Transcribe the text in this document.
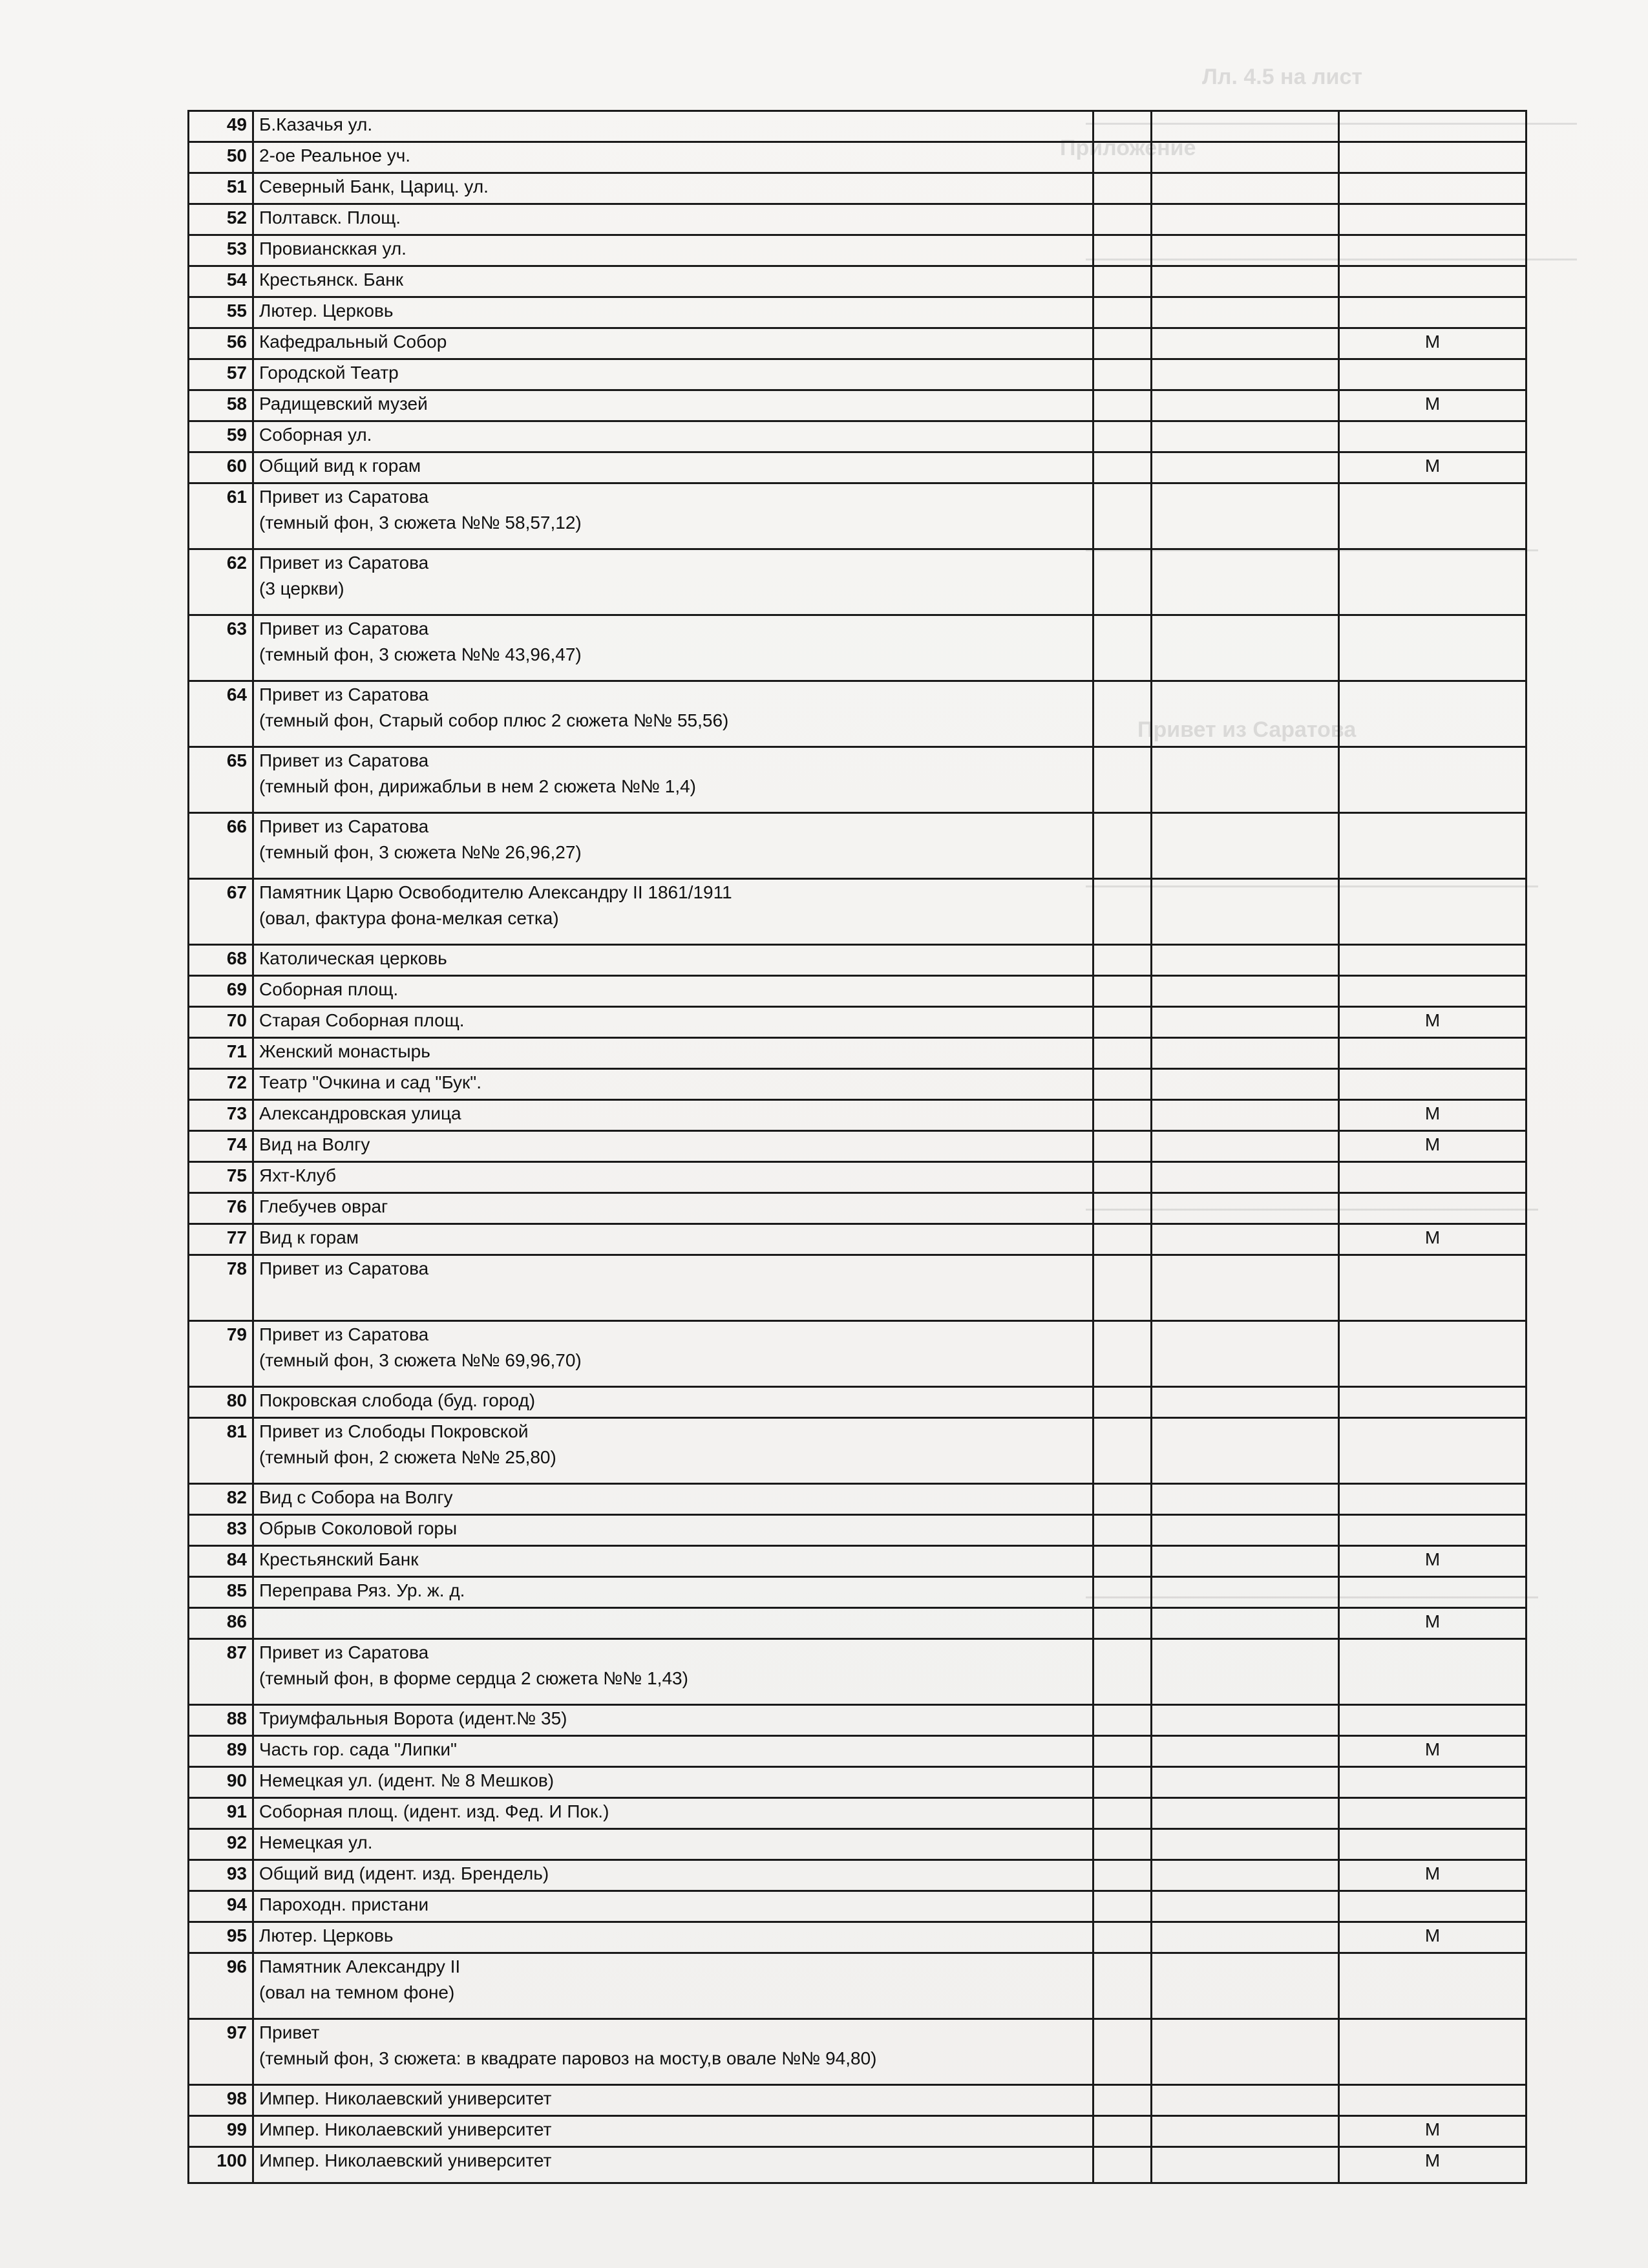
49	Б.Казачья ул.			

50	2-ое Реальное уч.			

51	Северный Банк, Цариц. ул.			

52	Полтавск. Площ.			

53	Провиансккая ул.			

54	Крестьянск. Банк			

55	Лютер. Церковь			

56	Кафедральный Собор			М
57	Городской Театр			

58	Радищевский музей			М
59	Соборная ул.			

60	Общий вид к горам			М
61	Привет из Саратова
(темный фон, 3 сюжета №№ 58,57,12)			

62	Привет из Саратова
(3 церкви)			

63	Привет из Саратова
(темный фон, 3 сюжета №№ 43,96,47)			

64	Привет из Саратова
(темный фон, Старый собор плюс 2 сюжета №№ 55,56)			

65	Привет из Саратова
(темный фон, дирижабльи в нем 2 сюжета №№ 1,4)			

66	Привет из Саратова
(темный фон, 3 сюжета №№ 26,96,27)			

67	Памятник Царю Освободителю Александру II 1861/1911
(овал, фактура фона-мелкая сетка)			

68	Католическая церковь			

69	Соборная площ.			

70	Старая Соборная площ.			М
71	Женский монастырь			

72	Театр "Очкина и сад "Бук".			

73	Александровская улица			М
74	Вид на Волгу			М
75	Яхт-Клуб			

76	Глебучев овраг			

77	Вид к горам			М
78	Привет из Саратова			

79	Привет из Саратова
(темный фон, 3 сюжета №№ 69,96,70)			

80	Покровская слобода (буд. город)			

81	Привет из Слободы Покровской
(темный фон, 2 сюжета №№ 25,80)			

82	Вид с Собора на Волгу			

83	Обрыв Соколовой горы			

84	Крестьянский Банк			М
85	Переправа Ряз. Ур. ж. д.			

86				М
87	Привет из Саратова
(темный фон, в форме сердца 2 сюжета №№ 1,43)			

88	Триумфальныя Ворота (идент.№ 35)			

89	Часть гор. сада "Липки"			М
90	Немецкая ул. (идент. № 8 Мешков)			

91	Соборная площ. (идент. изд. Фед. И Пок.)			

92	Немецкая ул.			

93	Общий вид (идент. изд. Брендель)			М
94	Пароходн. пристани			

95	Лютер. Церковь			М
96	Памятник Александру II
(овал на темном фоне)			

97	Привет
(темный фон, 3 сюжета: в квадрате паровоз на мосту,в овале №№ 94,80)			

98	Импер. Николаевский университет			

99	Импер. Николаевский университет			М
100	Импер. Николаевский университет			М
